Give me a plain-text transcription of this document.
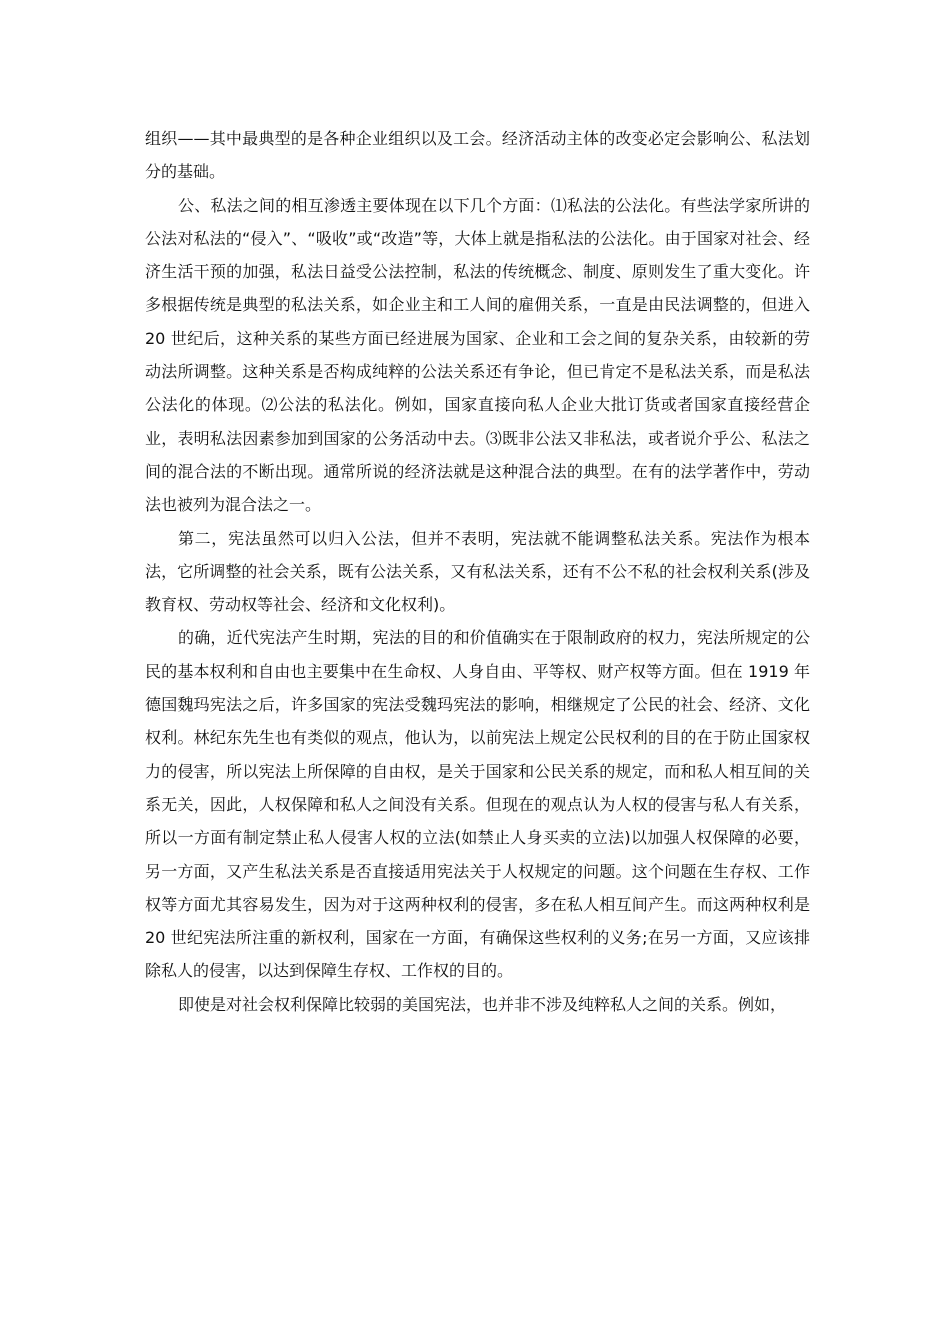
组织——其中最典型的是各种企业组织以及工会。经济活动主体的改变必定会影响公、私法划分的基础。

公、私法之间的相互渗透主要体现在以下几个方面：⑴私法的公法化。有些法学家所讲的公法对私法的“侵入”、“吸收”或“改造”等，大体上就是指私法的公法化。由于国家对社会、经济生活干预的加强，私法日益受公法控制，私法的传统概念、制度、原则发生了重大变化。许多根据传统是典型的私法关系，如企业主和工人间的雇佣关系，一直是由民法调整的，但进入 20 世纪后，这种关系的某些方面已经进展为国家、企业和工会之间的复杂关系，由较新的劳动法所调整。这种关系是否构成纯粹的公法关系还有争论，但已肯定不是私法关系，而是私法公法化的体现。⑵公法的私法化。例如，国家直接向私人企业大批订货或者国家直接经营企业，表明私法因素参加到国家的公务活动中去。⑶既非公法又非私法，或者说介乎公、私法之间的混合法的不断出现。通常所说的经济法就是这种混合法的典型。在有的法学著作中，劳动法也被列为混合法之一。

第二，宪法虽然可以归入公法，但并不表明，宪法就不能调整私法关系。宪法作为根本法，它所调整的社会关系，既有公法关系，又有私法关系，还有不公不私的社会权利关系(涉及教育权、劳动权等社会、经济和文化权利)。

的确，近代宪法产生时期，宪法的目的和价值确实在于限制政府的权力，宪法所规定的公民的基本权利和自由也主要集中在生命权、人身自由、平等权、财产权等方面。但在 1919 年德国魏玛宪法之后，许多国家的宪法受魏玛宪法的影响，相继规定了公民的社会、经济、文化权利。林纪东先生也有类似的观点，他认为，以前宪法上规定公民权利的目的在于防止国家权力的侵害，所以宪法上所保障的自由权，是关于国家和公民关系的规定，而和私人相互间的关系无关，因此，人权保障和私人之间没有关系。但现在的观点认为人权的侵害与私人有关系，所以一方面有制定禁止私人侵害人权的立法(如禁止人身买卖的立法)以加强人权保障的必要，另一方面，又产生私法关系是否直接适用宪法关于人权规定的问题。这个问题在生存权、工作权等方面尤其容易发生，因为对于这两种权利的侵害，多在私人相互间产生。而这两种权利是 20 世纪宪法所注重的新权利，国家在一方面，有确保这些权利的义务;在另一方面，又应该排除私人的侵害，以达到保障生存权、工作权的目的。

即使是对社会权利保障比较弱的美国宪法，也并非不涉及纯粹私人之间的关系。例如，
